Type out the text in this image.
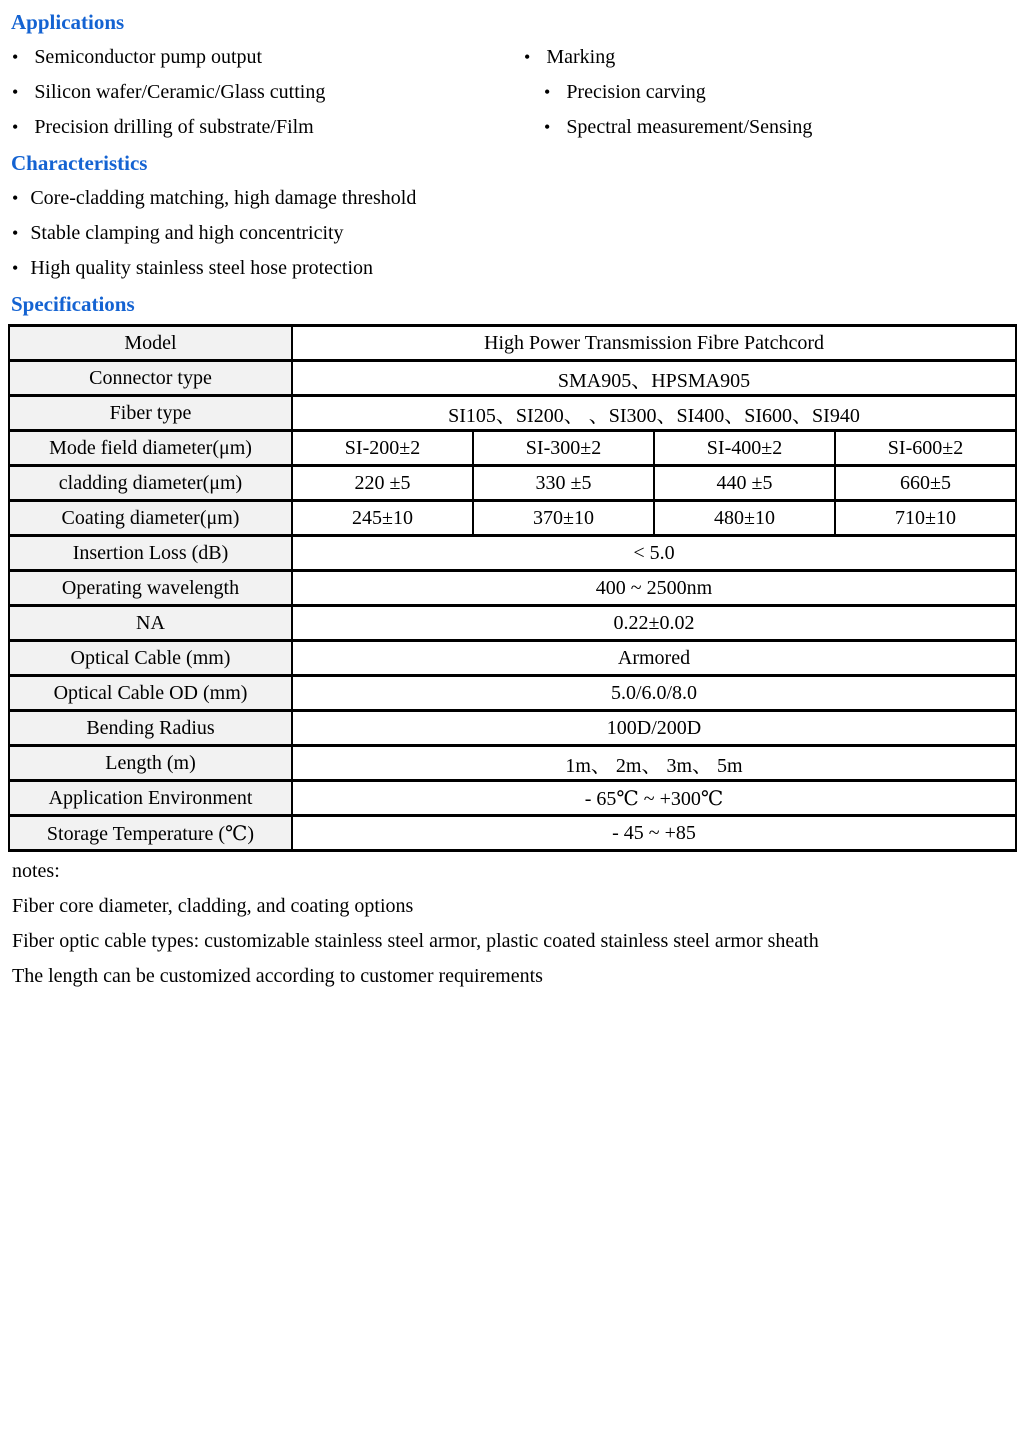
Applications
• Semiconductor pump output	• Marking
• Silicon wafer/Ceramic/Glass cutting	• Precision carving
• Precision drilling of substrate/Film	• Spectral measurement/Sensing
Characteristics
• Core-cladding matching, high damage threshold
• Stable clamping and high concentricity
• High quality stainless steel hose protection
Specifications
Model	High Power Transmission Fibre Patchcord			
Connector type	SMA905、HPSMA905			
Fiber type	SI105、SI200、 、SI300、SI400、SI600、SI940			
Mode field diameter(μm)	SI-200±2	SI-300±2	SI-400±2	SI-600±2
cladding diameter(μm)	220 ±5	330 ±5	440 ±5	660±5
Coating diameter(μm)	245±10	370±10	480±10	710±10
Insertion Loss (dB)	< 5.0			
Operating wavelength	400 ~ 2500nm			
NA	0.22±0.02			
Optical Cable (mm)	Armored			
Optical Cable OD (mm)	5.0/6.0/8.0			
Bending Radius	100D/200D			
Length (m)	1m、 2m、 3m、 5m			
Application Environment	- 65℃ ~ +300℃			
Storage Temperature (℃)	- 45 ~ +85			
notes:
Fiber core diameter, cladding, and coating options
Fiber optic cable types: customizable stainless steel armor, plastic coated stainless steel armor sheath
The length can be customized according to customer requirements
